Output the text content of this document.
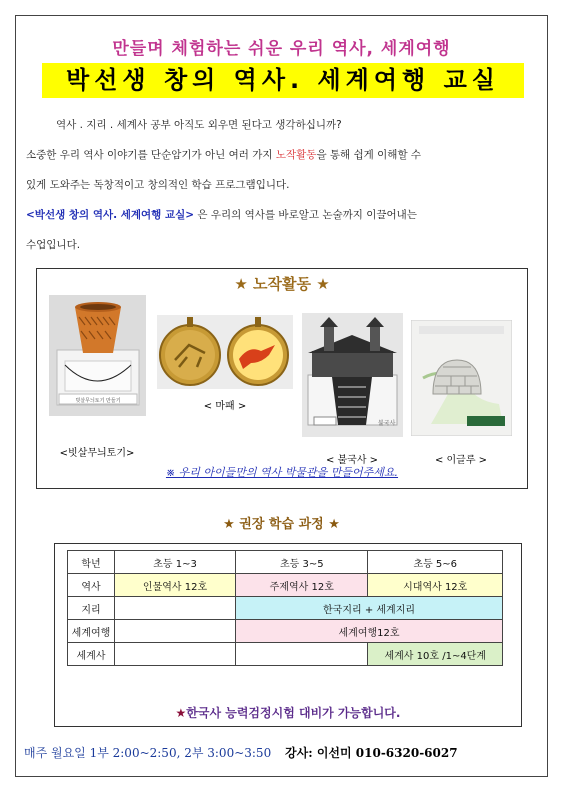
만들며 체험하는 쉬운 우리 역사, 세계여행
박선생 창의 역사. 세계여행 교실
역사 . 지리 . 세계사 공부 아직도 외우면 된다고 생각하십니까?
소중한 우리 역사 이야기를 단순암기가 아닌 여러 가지 노작활동을 통해 쉽게 이해할 수
있게 도와주는 독창적이고 창의적인 학습 프로그램입니다.
<박선생 창의 역사. 세계여행 교실> 은 우리의 역사를 바로알고 논술까지 이끌어내는
수업입니다.
★ 노작활동 ★
빗살무늬토기 만들기
<빗살무늬토기>
< 마패 >
불국사
< 불국사 >	< 이글루 >
※ 우리 아이들만의 역사 박물관을 만들어주세요.
★ 권장 학습 과정 ★
학년	초등 1~3	초등 3~5	초등 5~6
역사	인물역사 12호	주제역사 12호	시대역사 12호
지리		한국지리 + 세계지리	
세계여행		세계여행12호	
세계사			세계사 10호 /1~4단계
★한국사 능력검정시험 대비가 가능합니다.
매주 월요일 1부 2:00~2:50, 2부 3:00~3:50 강사: 이선미 010-6320-6027
